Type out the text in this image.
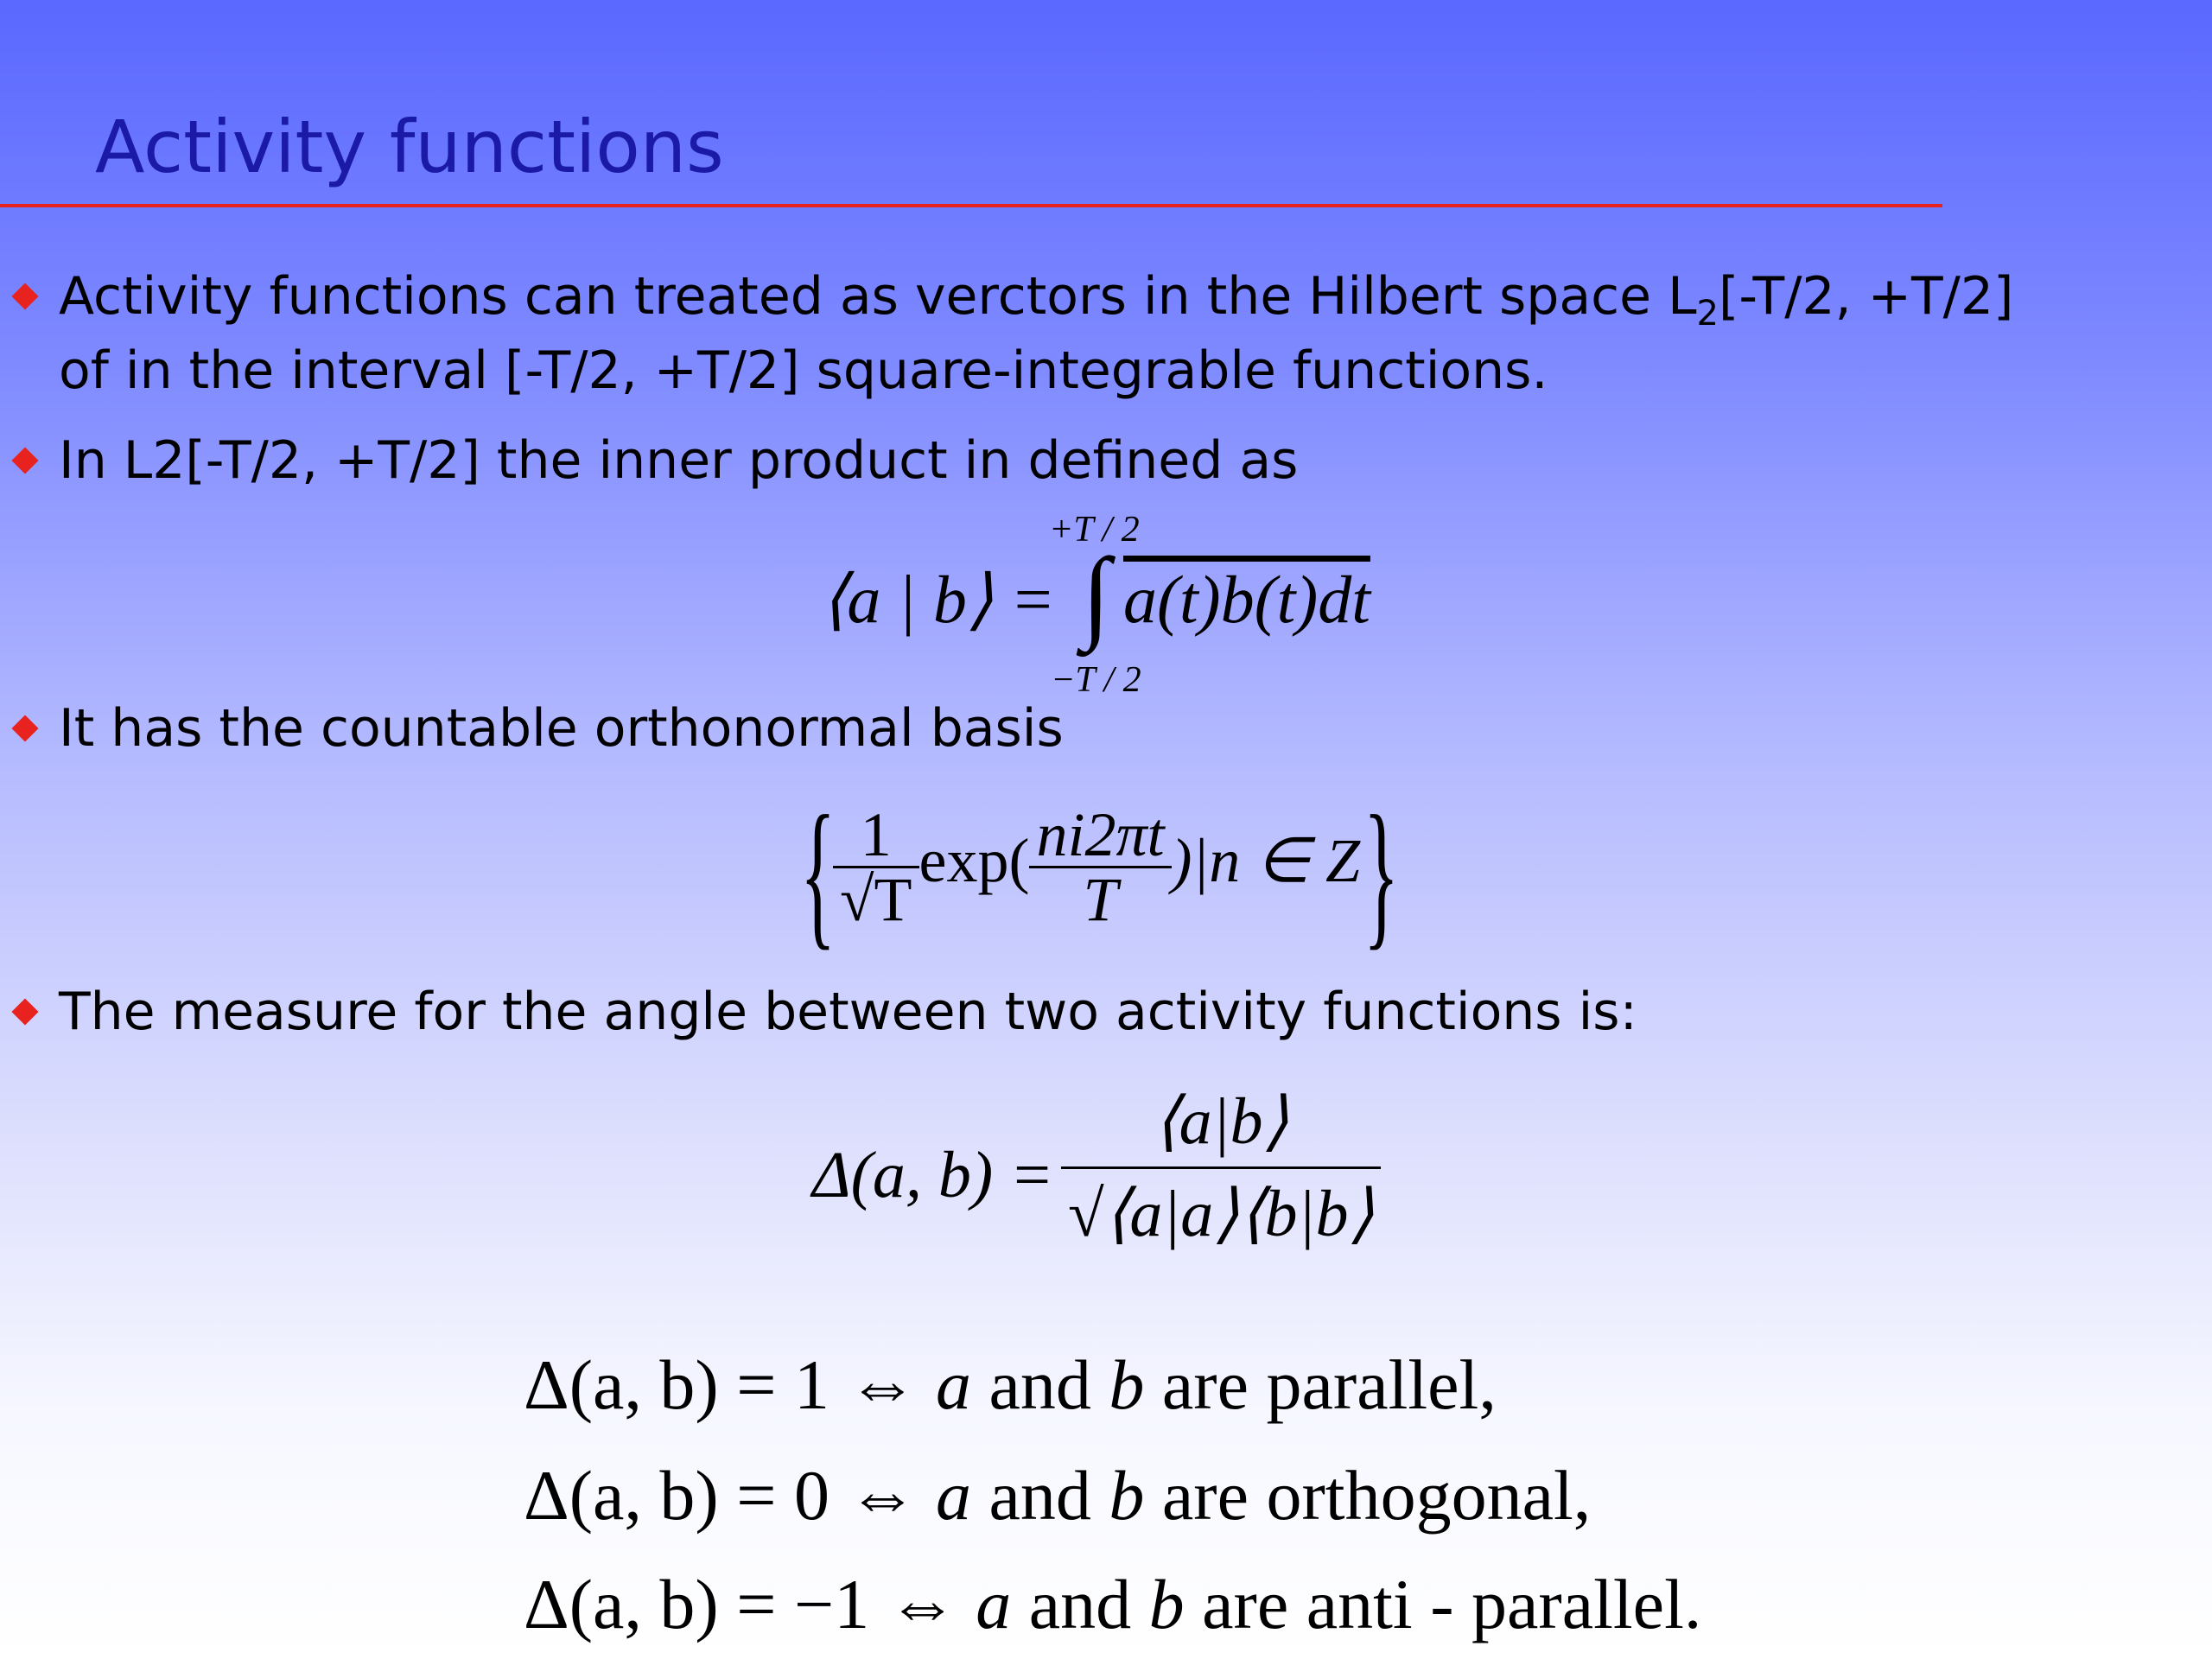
Activity functions
Activity functions can treated as verctors in the Hilbert space $L_2[-T/2$, +T/2]
of in the interval [-T/2, +T/2] square-integrable functions.
In L2[-T/2, +T/2] the inner product in defined as
⟨a | b⟩ =
+T / 2
∫
−T / 2
a(t)b(t)dt
It has the countable orthonormal basis
{
$\frac{1}{√T} \exp( \frac{ni2\pi t}{T} )|n$ ∈ Z }
The measure for the angle between two activity functions is:
Δ(a, $b) = \frac{⟨a|b⟩}{√⟨a|a⟩⟨b|b⟩}$
Δ(a, b) = 1 ⇔ a and b are parallel,
Δ(a, b) = 0 ⇔ a and b are orthogonal,
Δ(a, b) = −1 ⇔ a and b are anti - parallel.
